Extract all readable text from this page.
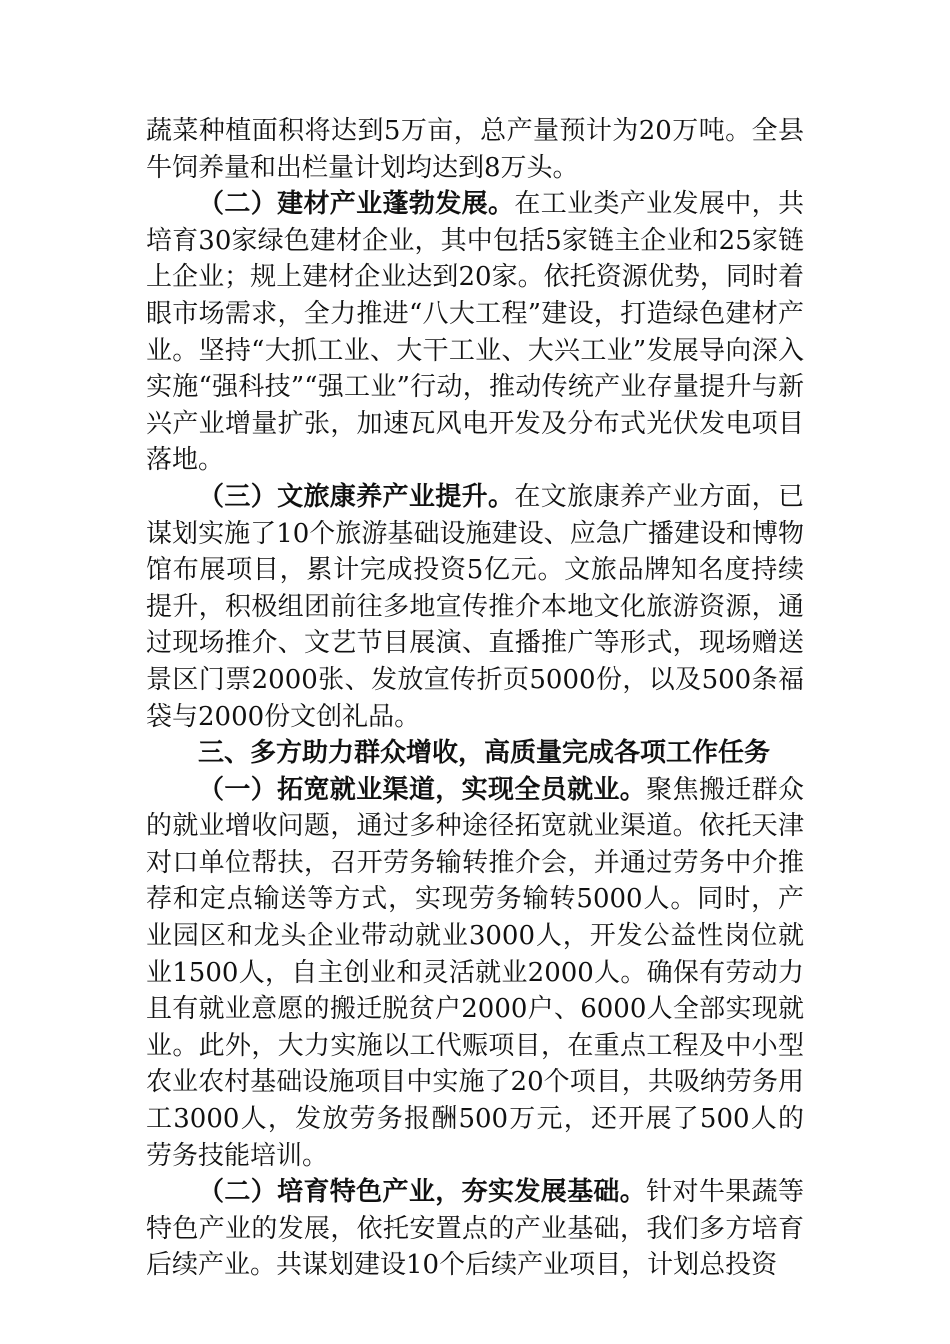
蔬菜种植面积将达到5万亩，总产量预计为20万吨。全县牛饲养量和出栏量计划均达到8万头。

（二）建材产业蓬勃发展。在工业类产业发展中，共培育30家绿色建材企业，其中包括5家链主企业和25家链上企业；规上建材企业达到20家。依托资源优势，同时着眼市场需求，全力推进“八大工程”建设，打造绿色建材产业。坚持“大抓工业、大干工业、大兴工业”发展导向深入实施“强科技”“强工业”行动，推动传统产业存量提升与新兴产业增量扩张，加速瓦风电开发及分布式光伏发电项目落地。

（三）文旅康养产业提升。在文旅康养产业方面，已谋划实施了10个旅游基础设施建设、应急广播建设和博物馆布展项目，累计完成投资5亿元。文旅品牌知名度持续提升，积极组团前往多地宣传推介本地文化旅游资源，通过现场推介、文艺节目展演、直播推广等形式，现场赠送景区门票2000张、发放宣传折页5000份，以及500条福袋与2000份文创礼品。

三、多方助力群众增收，高质量完成各项工作任务

（一）拓宽就业渠道，实现全员就业。聚焦搬迁群众的就业增收问题，通过多种途径拓宽就业渠道。依托天津对口单位帮扶，召开劳务输转推介会，并通过劳务中介推荐和定点输送等方式，实现劳务输转5000人。同时，产业园区和龙头企业带动就业3000人，开发公益性岗位就业1500人，自主创业和灵活就业2000人。确保有劳动力且有就业意愿的搬迁脱贫户2000户、6000人全部实现就业。此外，大力实施以工代赈项目，在重点工程及中小型农业农村基础设施项目中实施了20个项目，共吸纳劳务用工3000人，发放劳务报酬500万元，还开展了500人的劳务技能培训。

（二）培育特色产业，夯实发展基础。针对牛果蔬等特色产业的发展，依托安置点的产业基础，我们多方培育后续产业。共谋划建设10个后续产业项目，计划总投资
